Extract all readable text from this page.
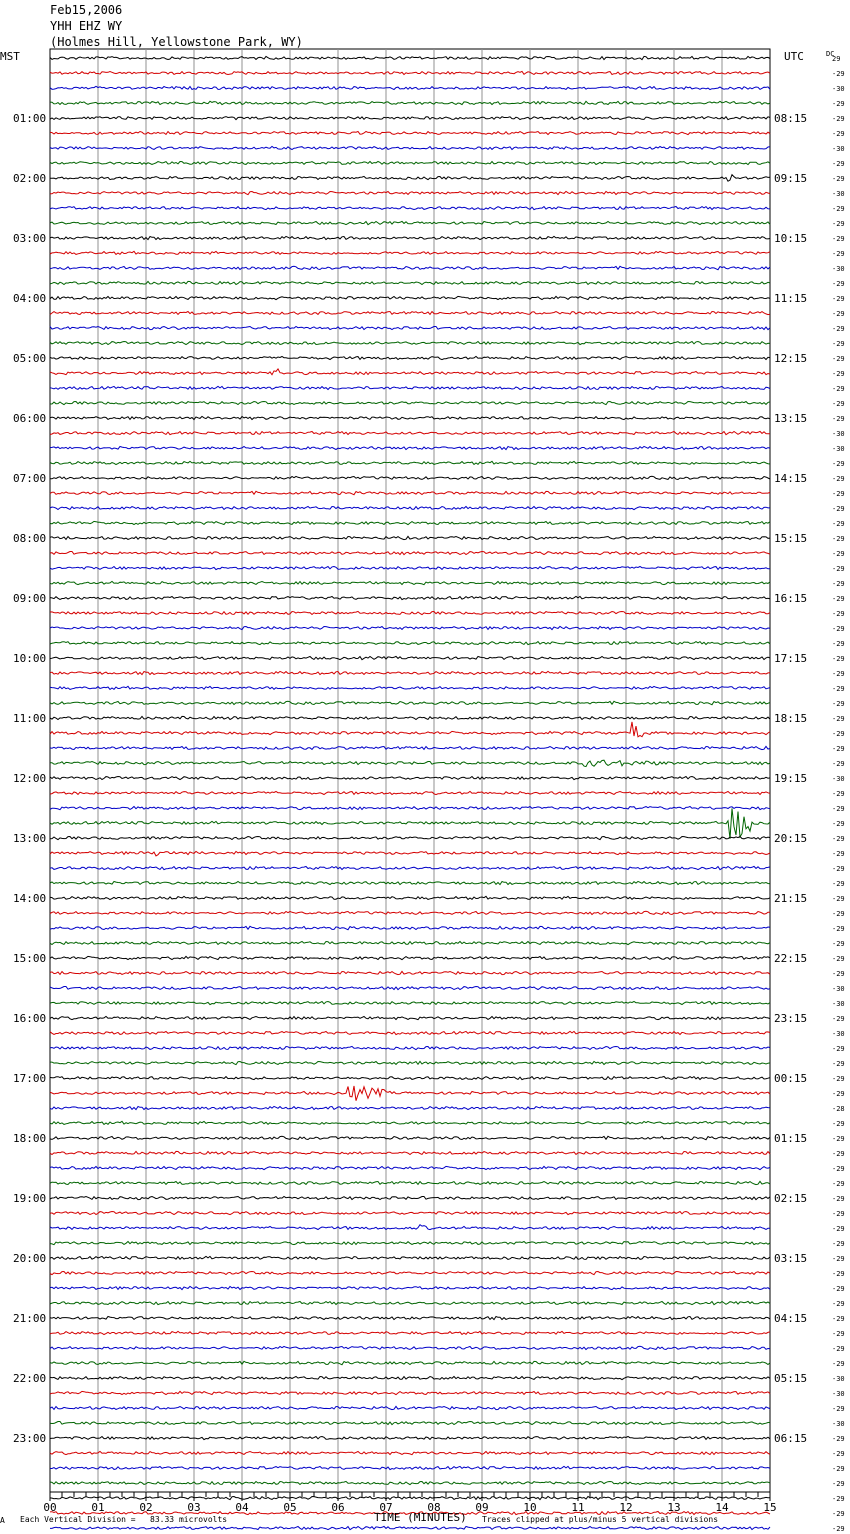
Feb15,2006
YHH EHZ WY
(Holmes Hill, Yellowstone Park, WY)
MST	UTC	DC
29
-29
-30
-29
-29
-29
-30
-29
-29
-30
-29
-29
-29
-29
-30
-29
-29
-29
-29
-29
-29
-29
-29
-29
-29
-30
-30
-29
-29
-29
-29
-29
-29
-29
-29
-29
-29
-29
-29
-29
-29
-29
-29
-29
-29
-29
-29
-29
-30
-29
-29
-29
-29
-29
-29
-29
-29
-29
-29
-29
-29
-29
-30
-30
-29
-30
-29
-29
-29
-29
-28
-29
-29
-29
-29
-29
-29
-29
-29
-29
-29
-29
-29
-29
-29
-29
-29
-29
-30
-30
-29
-30
-29
-29
-29
-29
-29
-29
-29
01:00	08:15
02:00	09:15
03:00	10:15
04:00	11:15
05:00	12:15
06:00	13:15
07:00	14:15
08:00	15:15
09:00	16:15
10:00	17:15
11:00	18:15
12:00	19:15
13:00	20:15
14:00	21:15
15:00	22:15
16:00	23:15
17:00	00:15
18:00	01:15
19:00	02:15
20:00	03:15
21:00	04:15
22:00	05:15
23:00	06:15
00	01	02	03	04	05	06	07	08	09	10	11	12	13	14	15
A Each Vertical Division =   83.33 microvolts	TIME (MINUTES) Traces clipped at plus/minus 5 vertical divisions
